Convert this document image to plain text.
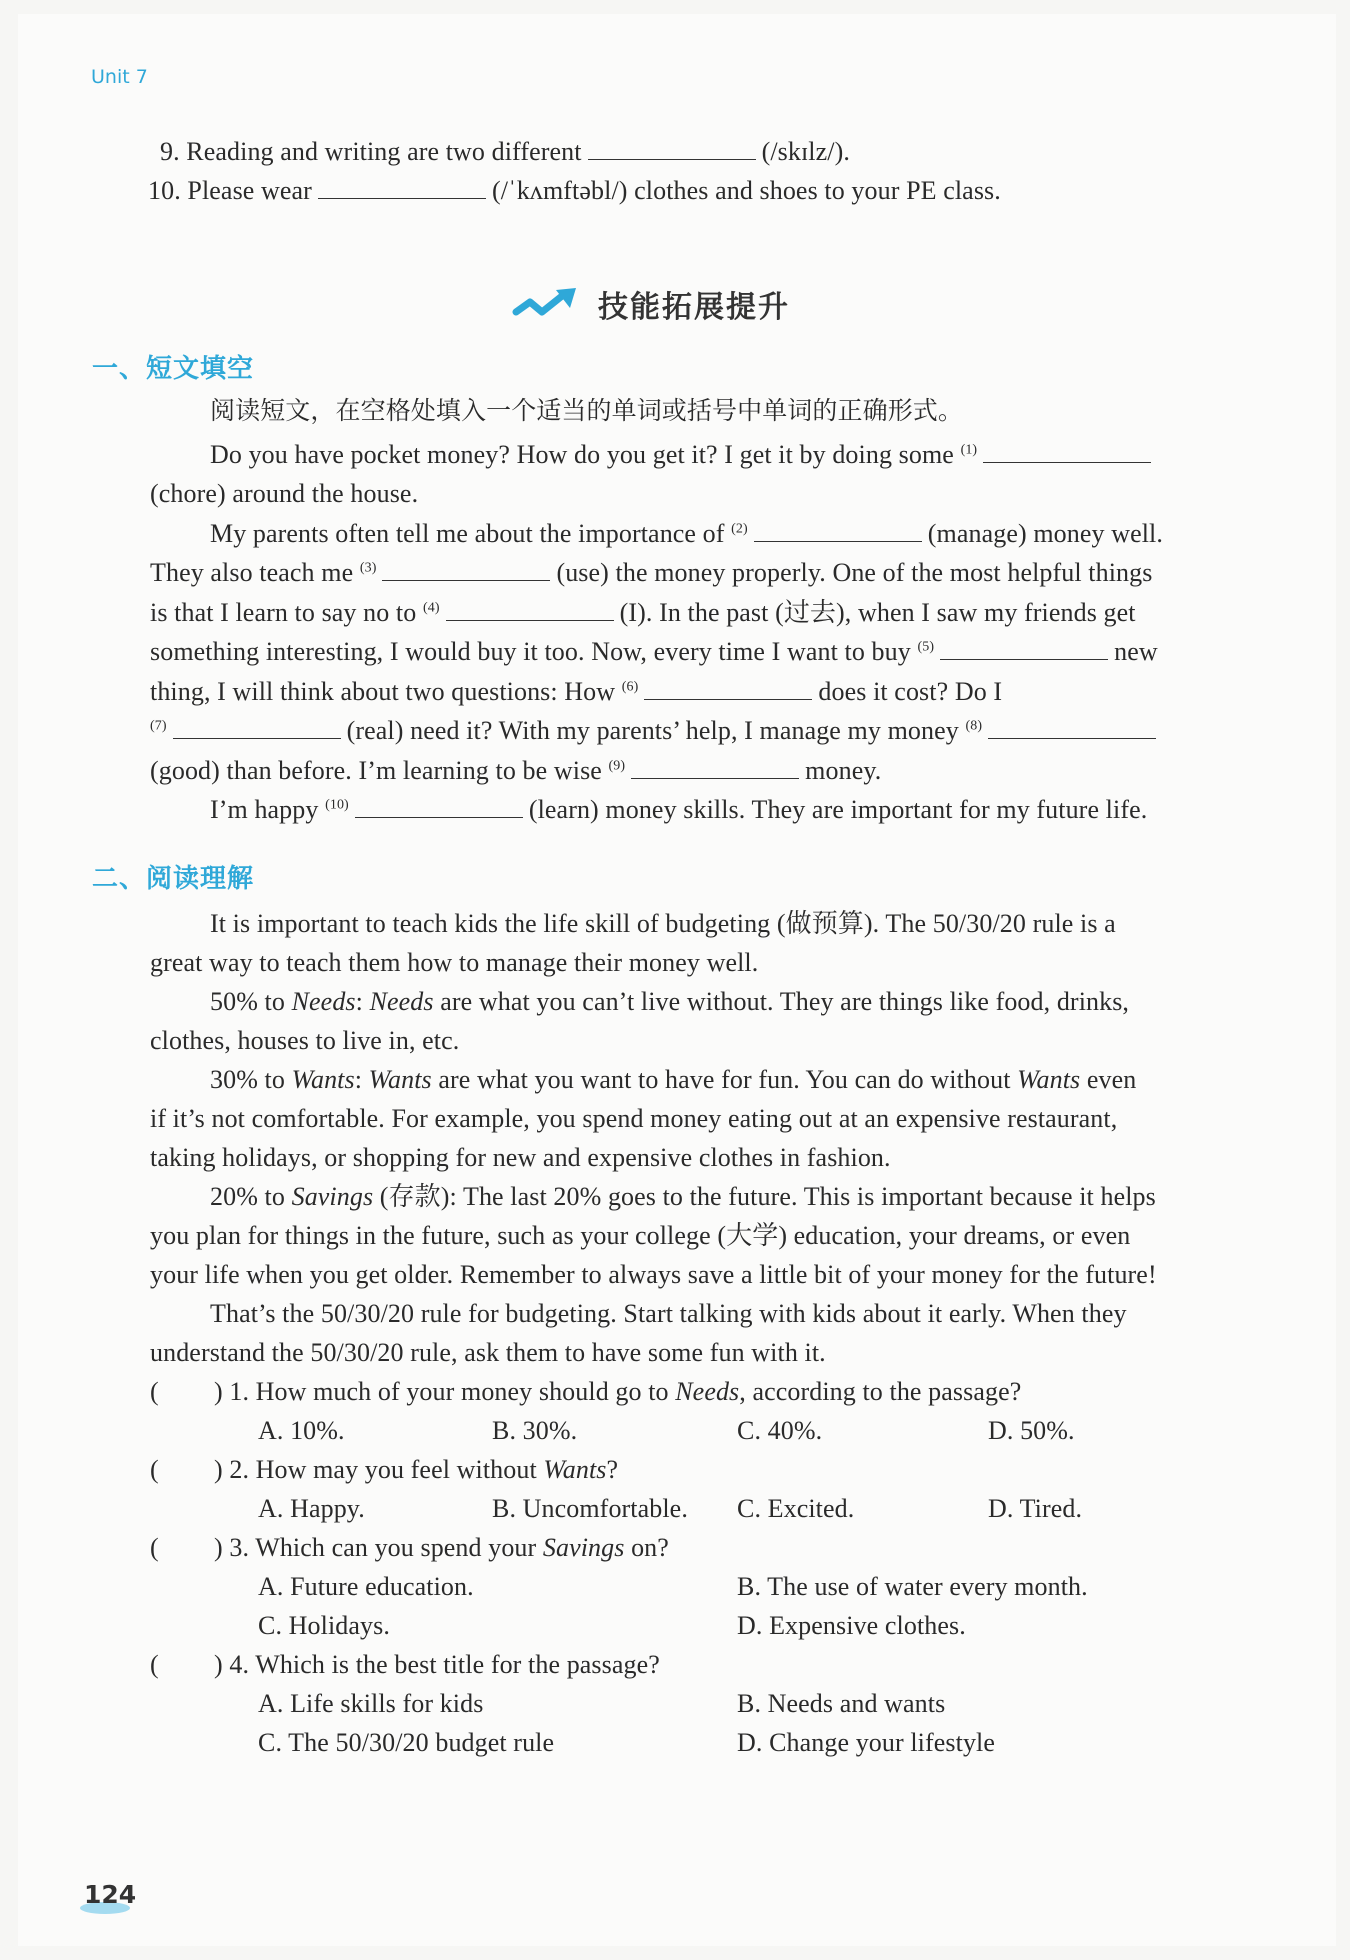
Unit 7
9. Reading and writing are two different	(/skɪlz/).
10. Please wear	(/ˈkʌmftəbl/) clothes and shoes to your PE class.
技能拓展提升
一、短文填空
阅读短文，在空格处填入一个适当的单词或括号中单词的正确形式。
Do you have pocket money? How do you get it? I get it by doing some $^{(1)}$
(chore) around the house.
My parents often tell me about the importance of $^{(2)}$	(manage) money well.
They also teach me $^{(3)}$	(use) the money properly. One of the most helpful things
is that I learn to say no to $^{(4)}$	(I). In the past (过去), when I saw my friends get
something interesting, I would buy it too. Now, every time I want to buy $^{(5)}$	new
thing, I will think about two questions: How $^{(6)}$	does it cost? Do I
$^{(7)}$	(real) need it? With my parents’ help, I manage my money $^{(8)}$
(good) than before. I’m learning to be wise $^{(9)}$	money.
I’m happy $^{(10)}$	(learn) money skills. They are important for my future life.
二、阅读理解
It is important to teach kids the life skill of budgeting (做预算). The 50/30/20 rule is a
great way to teach them how to manage their money well.
50% to Needs: Needs are what you can’t live without. They are things like food, drinks,
clothes, houses to live in, etc.
30% to Wants: Wants are what you want to have for fun. You can do without Wants even
if it’s not comfortable. For example, you spend money eating out at an expensive restaurant,
taking holidays, or shopping for new and expensive clothes in fashion.
20% to Savings (存款): The last 20% goes to the future. This is important because it helps
you plan for things in the future, such as your college (大学) education, your dreams, or even
your life when you get older. Remember to always save a little bit of your money for the future!
That’s the 50/30/20 rule for budgeting. Start talking with kids about it early. When they
understand the 50/30/20 rule, ask them to have some fun with it.
( ) 1. How much of your money should go to Needs, according to the passage?
A. 10%.	B. 30%.	C. 40%.	D. 50%.
( ) 2. How may you feel without Wants?
A. Happy.	B. Uncomfortable. C. Excited.	D. Tired.
( ) 3. Which can you spend your Savings on?
A. Future education.	B. The use of water every month.
C. Holidays.	D. Expensive clothes.
( ) 4. Which is the best title for the passage?
A. Life skills for kids	B. Needs and wants
C. The 50/30/20 budget rule	D. Change your lifestyle
124
